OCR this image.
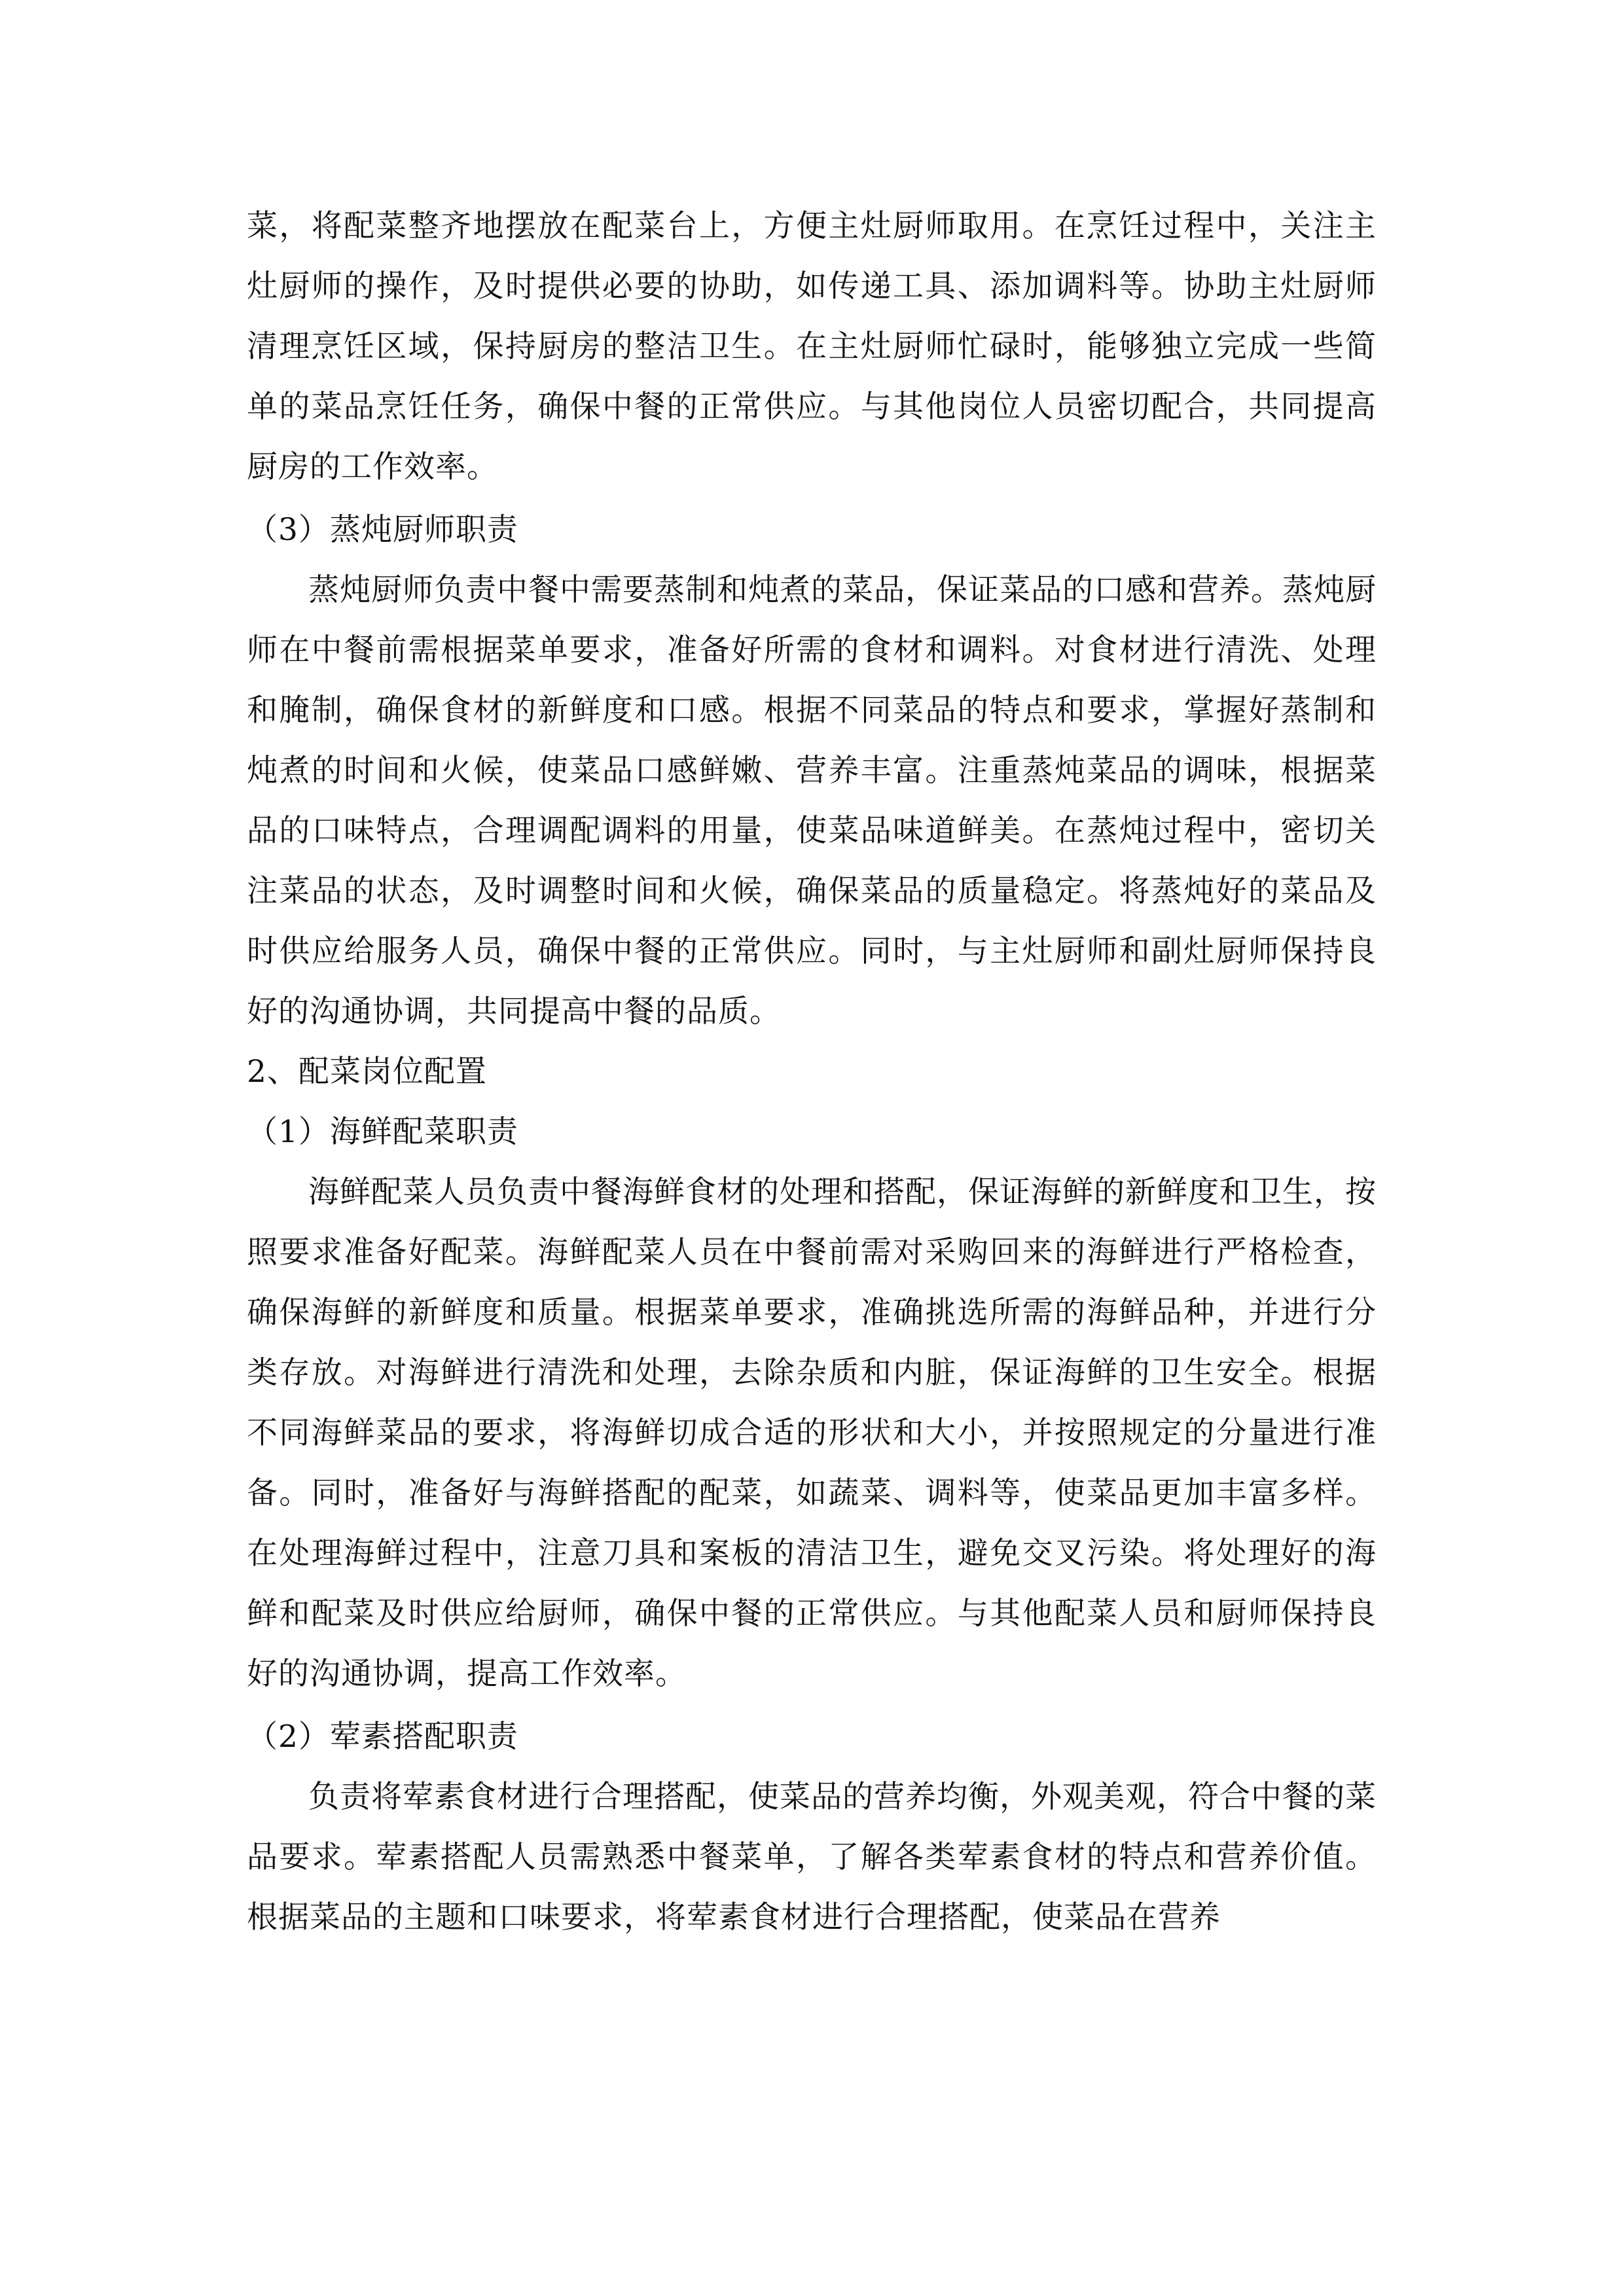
菜，将配菜整齐地摆放在配菜台上，方便主灶厨师取用。在烹饪过程中，关注主灶厨师的操作，及时提供必要的协助，如传递工具、添加调料等。协助主灶厨师清理烹饪区域，保持厨房的整洁卫生。在主灶厨师忙碌时，能够独立完成一些简单的菜品烹饪任务，确保中餐的正常供应。与其他岗位人员密切配合，共同提高厨房的工作效率。

（3）蒸炖厨师职责

蒸炖厨师负责中餐中需要蒸制和炖煮的菜品，保证菜品的口感和营养。蒸炖厨师在中餐前需根据菜单要求，准备好所需的食材和调料。对食材进行清洗、处理和腌制，确保食材的新鲜度和口感。根据不同菜品的特点和要求，掌握好蒸制和炖煮的时间和火候，使菜品口感鲜嫩、营养丰富。注重蒸炖菜品的调味，根据菜品的口味特点，合理调配调料的用量，使菜品味道鲜美。在蒸炖过程中，密切关注菜品的状态，及时调整时间和火候，确保菜品的质量稳定。将蒸炖好的菜品及时供应给服务人员，确保中餐的正常供应。同时，与主灶厨师和副灶厨师保持良好的沟通协调，共同提高中餐的品质。

2、配菜岗位配置

（1）海鲜配菜职责

海鲜配菜人员负责中餐海鲜食材的处理和搭配，保证海鲜的新鲜度和卫生，按照要求准备好配菜。海鲜配菜人员在中餐前需对采购回来的海鲜进行严格检查，确保海鲜的新鲜度和质量。根据菜单要求，准确挑选所需的海鲜品种，并进行分类存放。对海鲜进行清洗和处理，去除杂质和内脏，保证海鲜的卫生安全。根据不同海鲜菜品的要求，将海鲜切成合适的形状和大小，并按照规定的分量进行准备。同时，准备好与海鲜搭配的配菜，如蔬菜、调料等，使菜品更加丰富多样。在处理海鲜过程中，注意刀具和案板的清洁卫生，避免交叉污染。将处理好的海鲜和配菜及时供应给厨师，确保中餐的正常供应。与其他配菜人员和厨师保持良好的沟通协调，提高工作效率。

（2）荤素搭配职责

负责将荤素食材进行合理搭配，使菜品的营养均衡，外观美观，符合中餐的菜品要求。荤素搭配人员需熟悉中餐菜单，了解各类荤素食材的特点和营养价值。根据菜品的主题和口味要求，将荤素食材进行合理搭配，使菜品在营养
